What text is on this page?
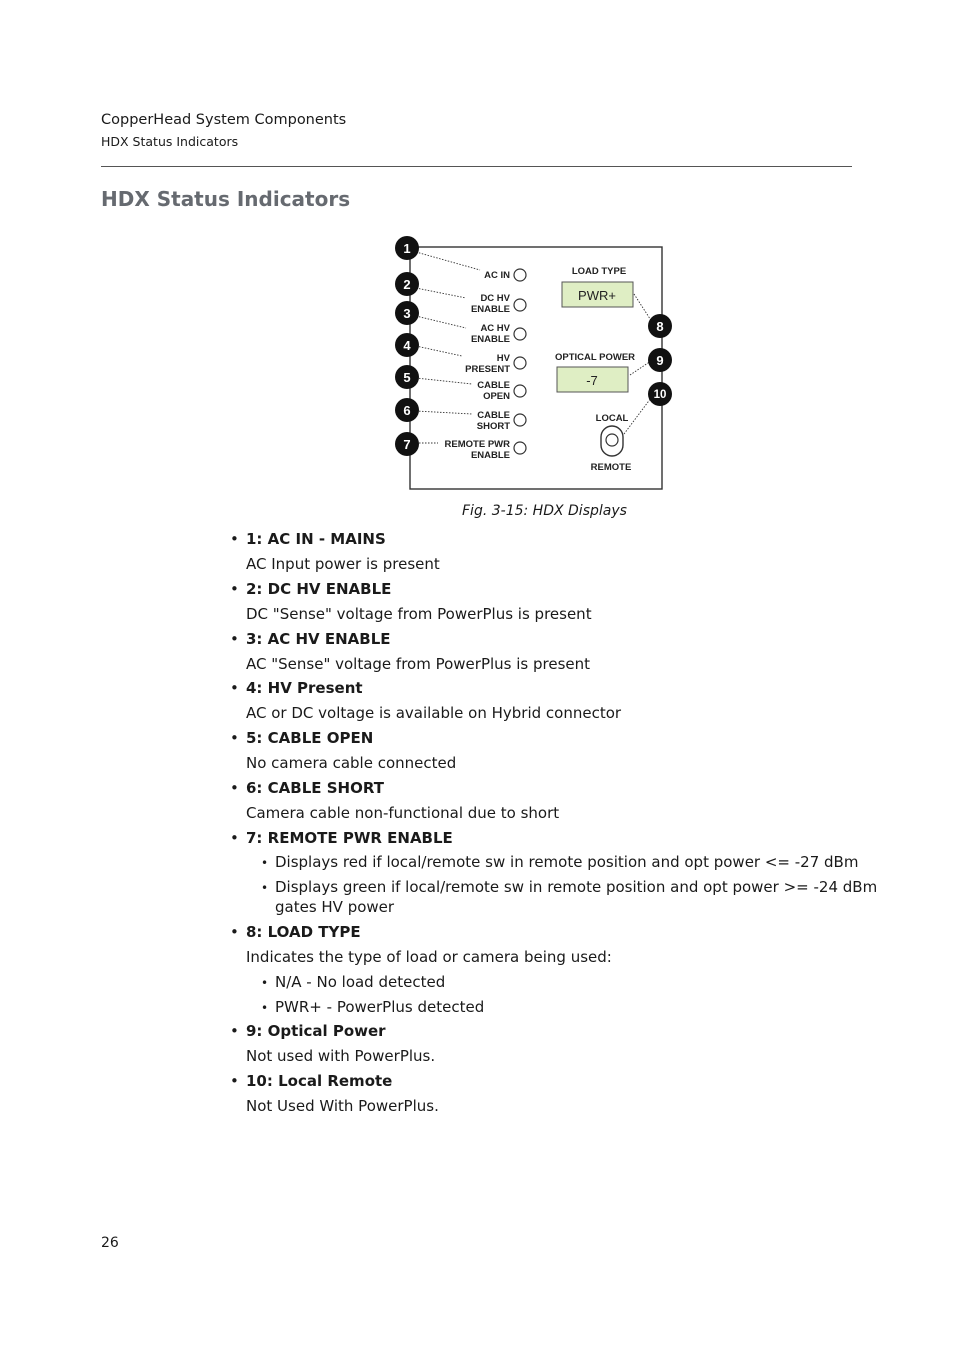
CopperHead System Components
HDX Status Indicators
HDX Status Indicators
AC IN
DC HV
ENABLE
AC HV
ENABLE
HV
PRESENT
CABLE
OPEN
CABLE
SHORT
REMOTE PWR
ENABLE
LOAD TYPE
PWR+
OPTICAL POWER
-7
LOCAL
REMOTE
1
2
3
4
5
6
7
8
9
10
Fig. 3-15: HDX Displays
• 1: AC IN - MAINS
AC Input power is present
• 2: DC HV ENABLE
DC "Sense" voltage from PowerPlus is present
• 3: AC HV ENABLE
AC "Sense" voltage from PowerPlus is present
• 4: HV Present
AC or DC voltage is available on Hybrid connector
• 5: CABLE OPEN
No camera cable connected
• 6: CABLE SHORT
Camera cable non-functional due to short
• 7: REMOTE PWR ENABLE
• Displays red if local/remote sw in remote position and opt power <= -27 dBm
• Displays green if local/remote sw in remote position and opt power >= -24 dBm
gates HV power
• 8: LOAD TYPE
Indicates the type of load or camera being used:
• N/A - No load detected
• PWR+ - PowerPlus detected
• 9: Optical Power
Not used with PowerPlus.
• 10: Local Remote
Not Used With PowerPlus.
26
